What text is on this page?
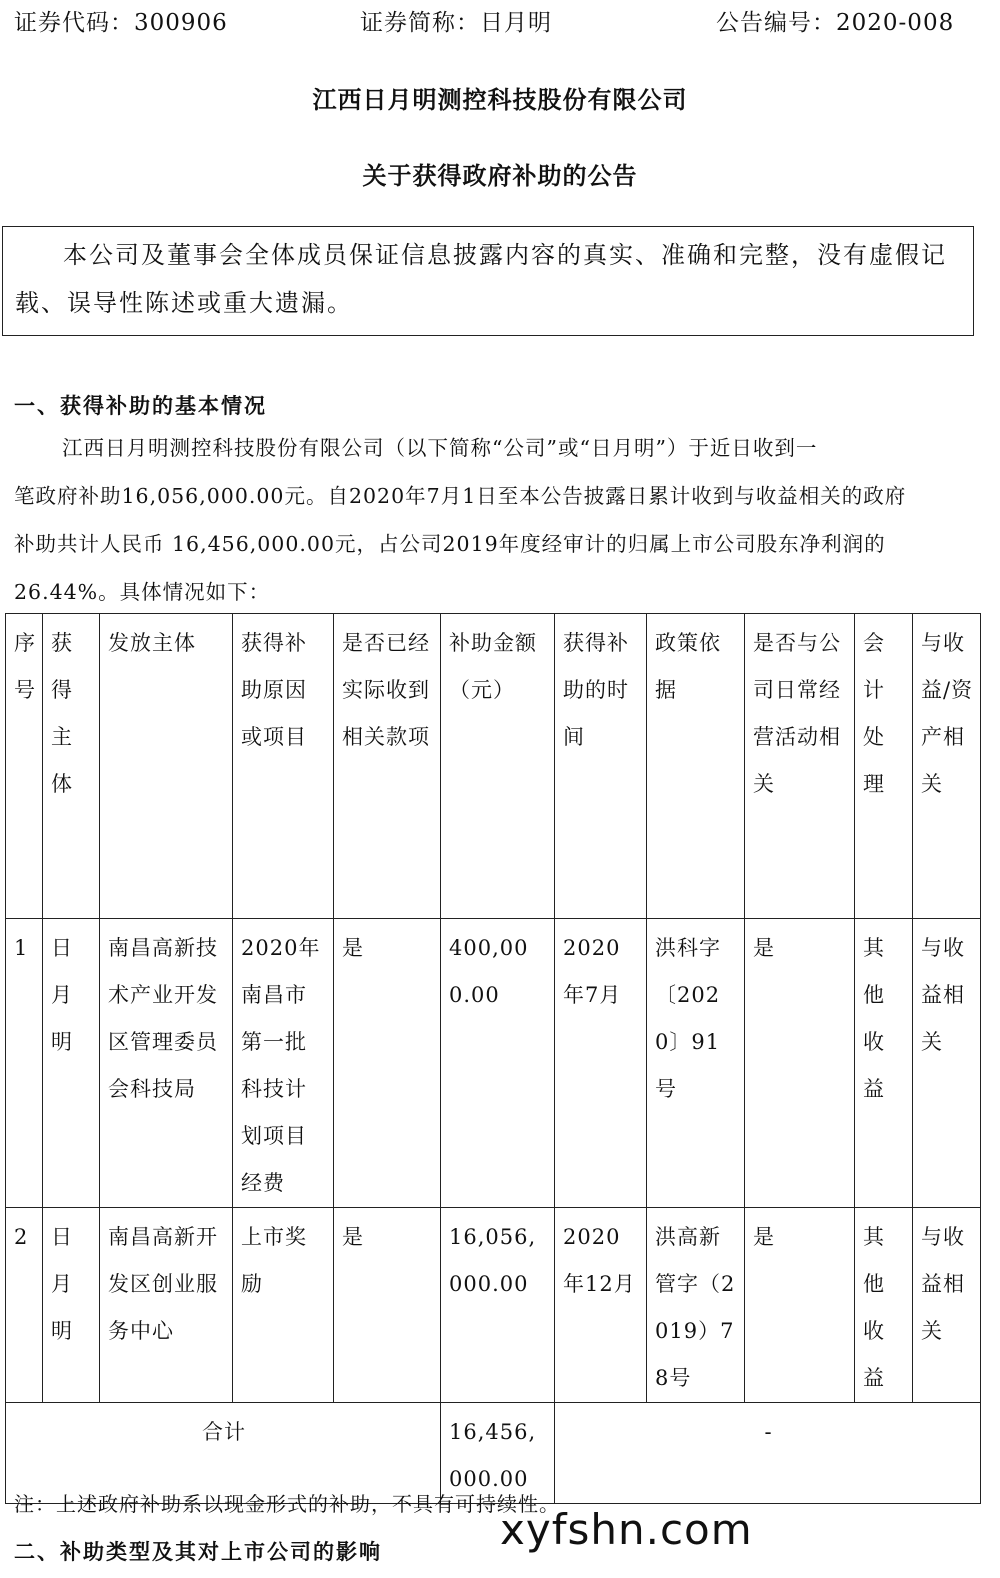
证券代码：300906	证券简称：日月明	公告编号：2020-008
江西日月明测控科技股份有限公司
关于获得政府补助的公告
本公司及董事会全体成员保证信息披露内容的真实、准确和完整，没有虚假记载、误导性陈述或重大遗漏。
一、获得补助的基本情况

江西日月明测控科技股份有限公司（以下简称“公司”或“日月明”）于近日收到一

笔政府补助16,056,000.00元。自2020年7月1日至本公告披露日累计收到与收益相关的政府

补助共计人民币 16,456,000.00元，占公司2019年度经审计的归属上市公司股东净利润的

26.44%。具体情况如下：

序号	获得主体	发放主体	获得补助原因或项目	是否已经实际收到相关款项	补助金额（元）	获得补助的时间	政策依据	是否与公司日常经营活动相关	会计处理	与收益/资产相关
1	日月明	南昌高新技术产业开发区管理委员会科技局	2020年南昌市第一批科技计划项目经费	是	400,000.00	2020年7月	洪科字〔2020〕91号	是	其他收益	与收益相关
2	日月明	南昌高新开发区创业服务中心	上市奖励	是	16,056,000.00	2020年12月	洪高新管字（2019）78号	是	其他收益	与收益相关
合计					16,456,000.00	-				
注：上述政府补助系以现金形式的补助，不具有可持续性。
二、补助类型及其对上市公司的影响	xyfshn.com
